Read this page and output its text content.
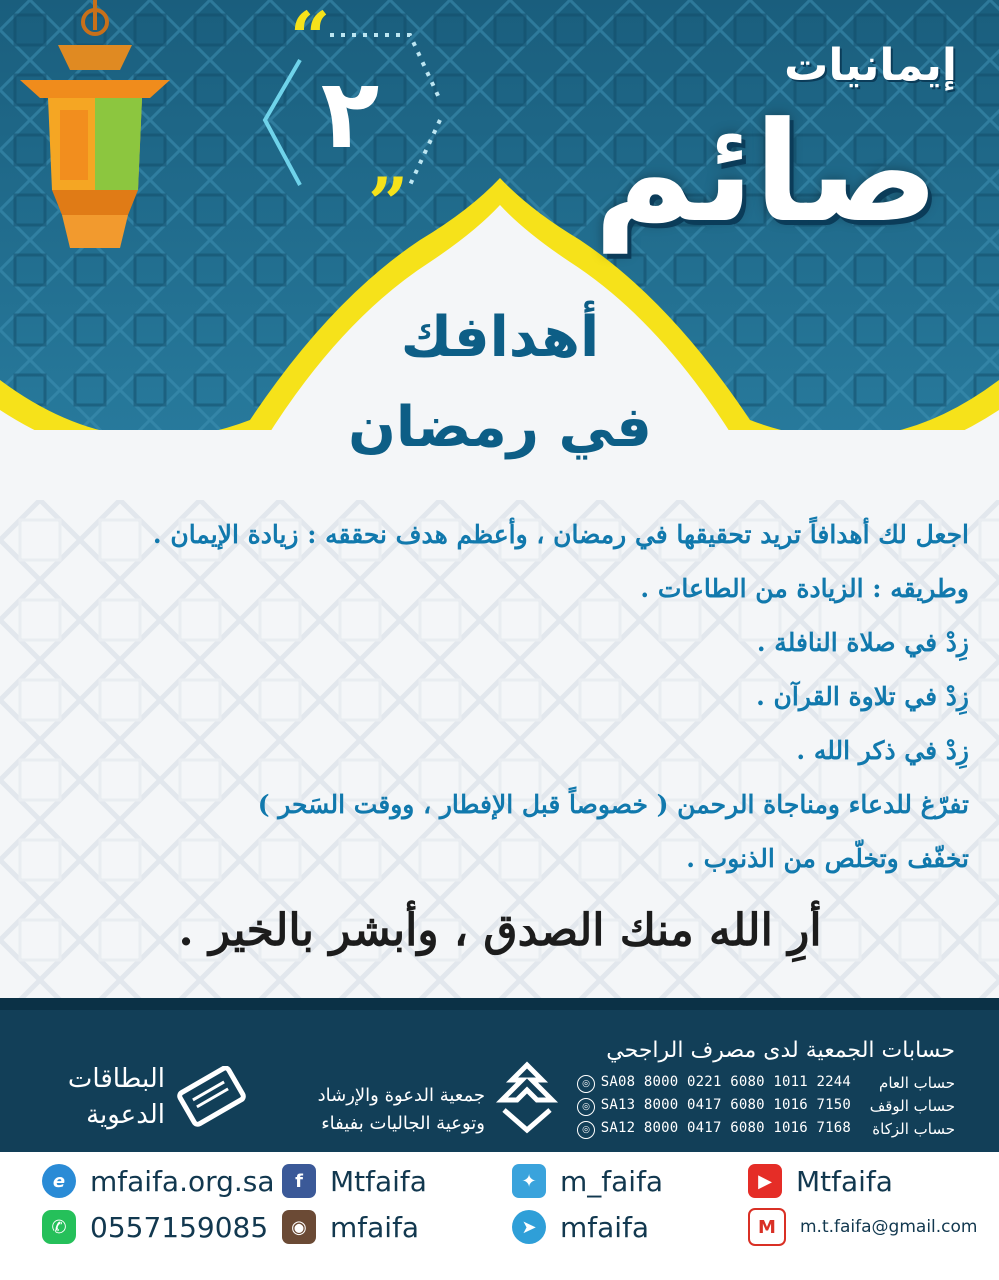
“
”
إيمانيات
صائم
٢
أهدافك
في رمضان
اجعل لك أهدافاً تريد تحقيقها في رمضان ، وأعظم هدف نحققه : زيادة الإيمان .
وطريقه : الزيادة من الطاعات .
زِدْ في صلاة النافلة .
زِدْ في تلاوة القرآن .
زِدْ في ذكر الله .
تفرّغ للدعاء ومناجاة الرحمن ( خصوصاً قبل الإفطار ، ووقت السَحر )
تخفّف وتخلّص من الذنوب .
أرِ الله منك الصدق ، وأبشر بالخير .
حسابات الجمعية لدى مصرف الراجحي
حساب العام
SA08 8000 0221 6080 1011 2244
◎
حساب الوقف
SA13 8000 0417 6080 1016 7150
◎
حساب الزكاة
SA12 8000 0417 6080 1016 7168
◎
جمعية الدعوة والإرشاد
وتوعية الجاليات بفيفاء
البطاقات
الدعوية
e mfaifa.org.sa
✆ 0557159085
f Mtfaifa
◉ mfaifa
✦ m_faifa
➤ mfaifa
▶ Mtfaifa
M	m.t.faifa@gmail.com
